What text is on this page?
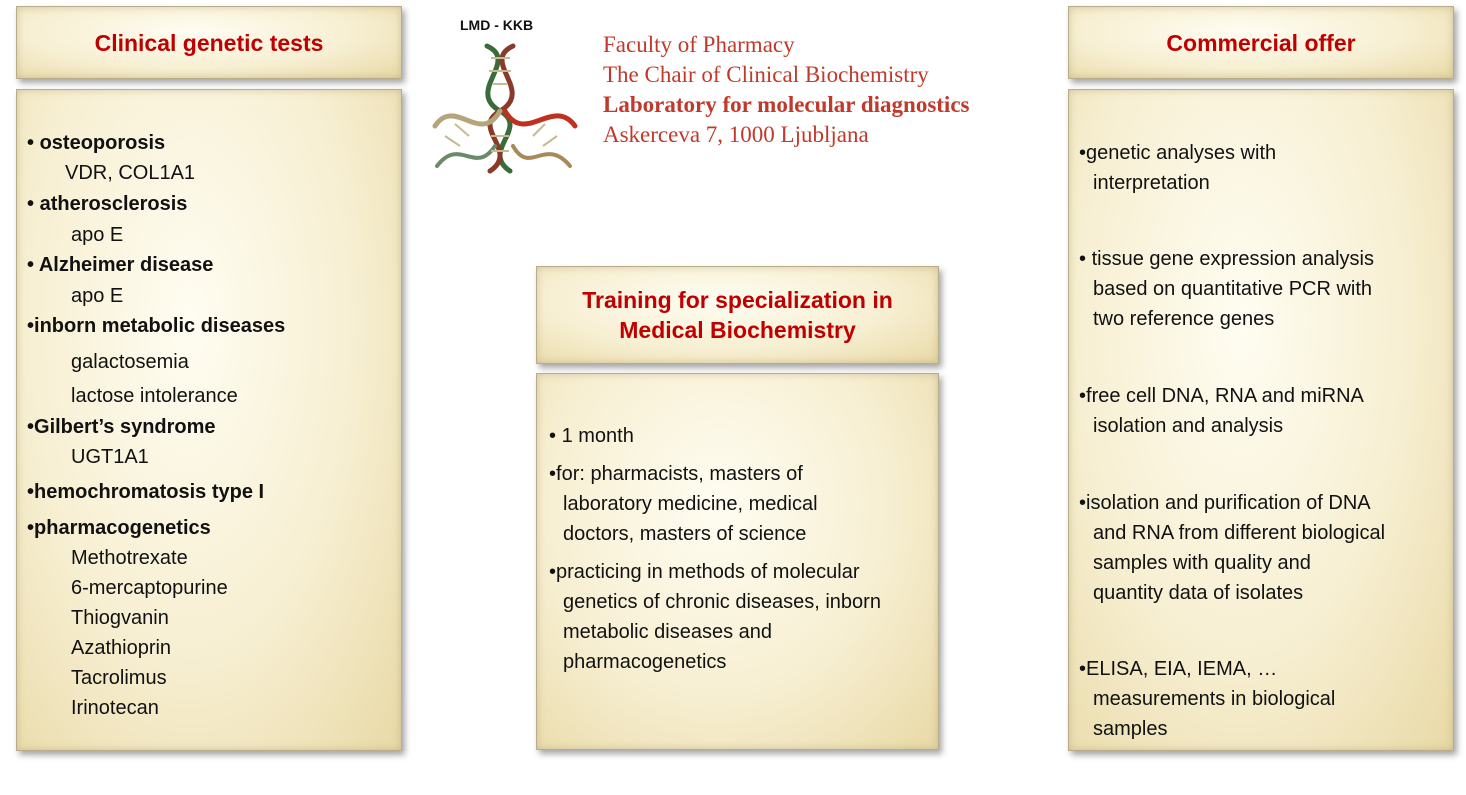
Clinical genetic tests
• osteoporosis
VDR, COL1A1
• atherosclerosis
apo E
• Alzheimer disease
apo E
• inborn metabolic diseases
galactosemia
lactose intolerance
• Gilbert’s syndrome
UGT1A1
• hemochromatosis type I
• pharmacogenetics
Methotrexate
6-mercaptopurine
Thiogvanin
Azathioprin
Tacrolimus
Irinotecan
LMD - KKB
Faculty of Pharmacy
The Chair of Clinical Biochemistry
Laboratory for molecular diagnostics
Askerceva 7, 1000 Ljubljana
Training for specialization in
Medical Biochemistry
• 1 month
• for: pharmacists, masters of
laboratory medicine, medical
doctors, masters of science
• practicing in methods of molecular
genetics of chronic diseases, inborn
metabolic diseases and
pharmacogenetics
Commercial offer
• genetic analyses with
interpretation
• tissue gene expression analysis
based on quantitative PCR with
two reference genes
• free cell DNA, RNA and miRNA
isolation and analysis
• isolation and purification of DNA
and RNA from different biological
samples with quality and
quantity data of isolates
• ELISA, EIA, IEMA, …
measurements in biological
samples
